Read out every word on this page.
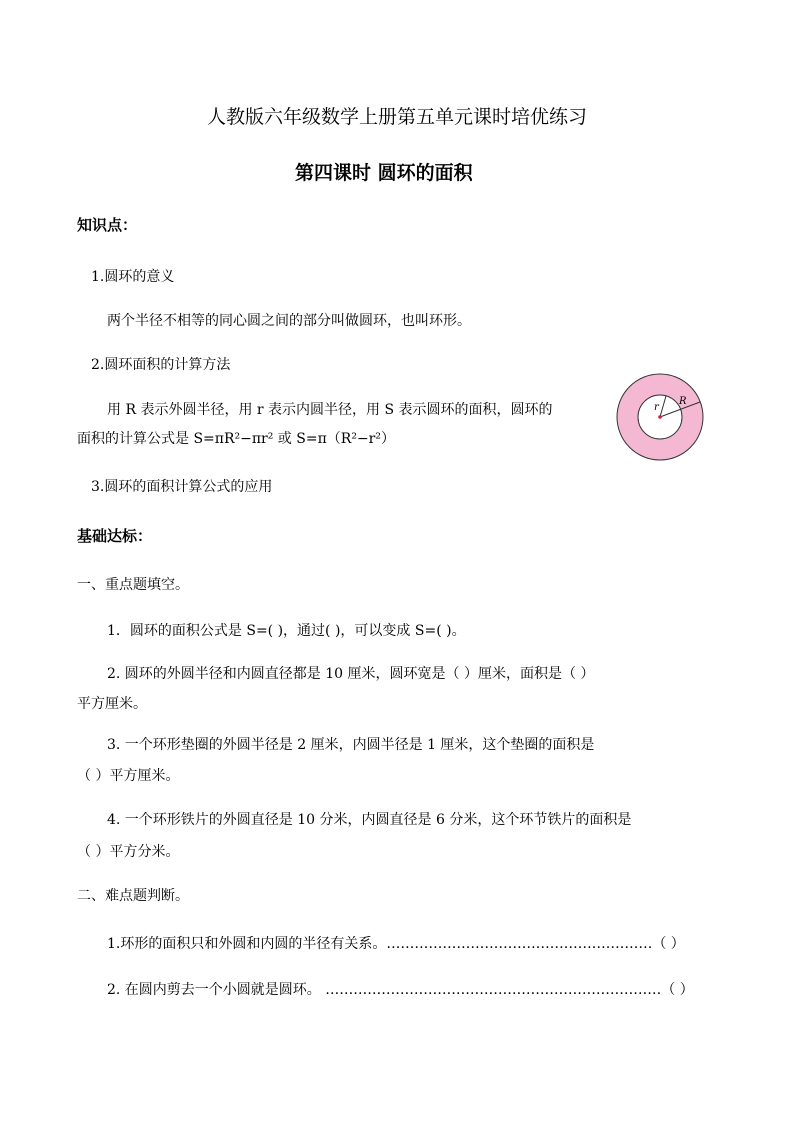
人教版六年级数学上册第五单元课时培优练习
第四课时 圆环的面积
知识点：
1.圆环的意义
两个半径不相等的同心圆之间的部分叫做圆环，也叫环形。
2.圆环面积的计算方法
用 R 表示外圆半径，用 r 表示内圆半径，用 S 表示圆环的面积，圆环的
面积的计算公式是 S=πR²−πr² 或 S=π（R²−r²）
r
R
3.圆环的面积计算公式的应用
基础达标：
一、重点题填空。
1．圆环的面积公式是 S=( )，通过( )，可以变成 S=( )。
2. 圆环的外圆半径和内圆直径都是 10 厘米，圆环宽是（ ）厘米，面积是（ ）
平方厘米。
3. 一个环形垫圈的外圆半径是 2 厘米，内圆半径是 1 厘米，这个垫圈的面积是
（ ）平方厘米。
4. 一个环形铁片的外圆直径是 10 分米，内圆直径是 6 分米，这个环节铁片的面积是
（ ）平方分米。
二、难点题判断。
1.环形的面积只和外圆和内圆的半径有关系。…………………………………………………（ ）
2. 在圆内剪去一个小圆就是圆环。 ………………………………………………………………（ ）
